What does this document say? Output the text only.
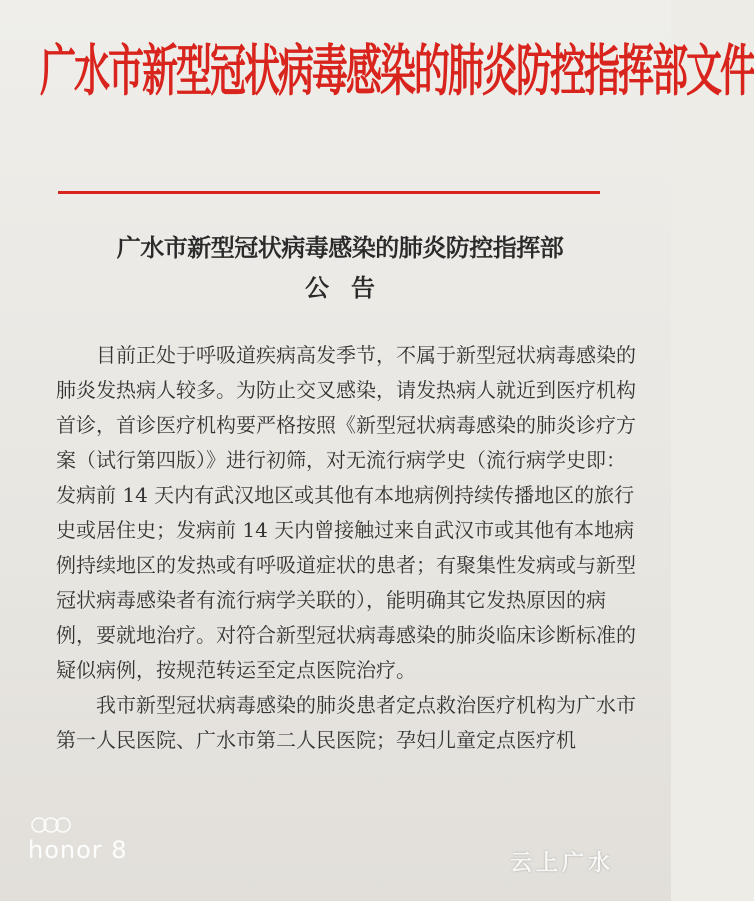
广水市新型冠状病毒感染的肺炎防控指挥部文件
广水市新型冠状病毒感染的肺炎防控指挥部
公告

目前正处于呼吸道疾病高发季节，不属于新型冠状病毒感染的肺炎发热病人较多。为防止交叉感染，请发热病人就近到医疗机构首诊，首诊医疗机构要严格按照《新型冠状病毒感染的肺炎诊疗方案（试行第四版）》进行初筛，对无流行病学史（流行病学史即：发病前 14 天内有武汉地区或其他有本地病例持续传播地区的旅行史或居住史；发病前 14 天内曾接触过来自武汉市或其他有本地病例持续地区的发热或有呼吸道症状的患者；有聚集性发病或与新型冠状病毒感染者有流行病学关联的），能明确其它发热原因的病例，要就地治疗。对符合新型冠状病毒感染的肺炎临床诊断标准的疑似病例，按规范转运至定点医院治疗。

我市新型冠状病毒感染的肺炎患者定点救治医疗机构为广水市第一人民医院、广水市第二人民医院；孕妇儿童定点医疗机

honor 8	云上广水
